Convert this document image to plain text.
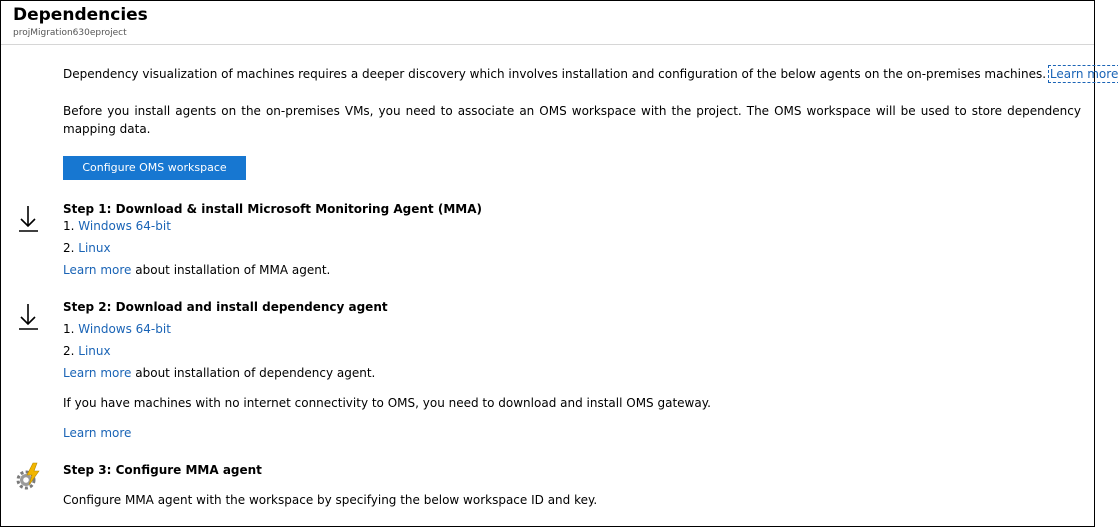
Dependencies
projMigration630eproject
Dependency visualization of machines requires a deeper discovery which involves installation and configuration of the below agents on the on-premises machines. Learn more
Before you install agents on the on-premises VMs, you need to associate an OMS workspace with the project. The OMS workspace will be used to store dependency mapping data.
Configure OMS workspace
Step 1: Download & install Microsoft Monitoring Agent (MMA)
1. Windows 64-bit
2. Linux
Learn more about installation of MMA agent.
Step 2: Download and install dependency agent
1. Windows 64-bit
2. Linux
Learn more about installation of dependency agent.
If you have machines with no internet connectivity to OMS, you need to download and install OMS gateway.
Learn more
Step 3: Configure MMA agent
Configure MMA agent with the workspace by specifying the below workspace ID and key.
